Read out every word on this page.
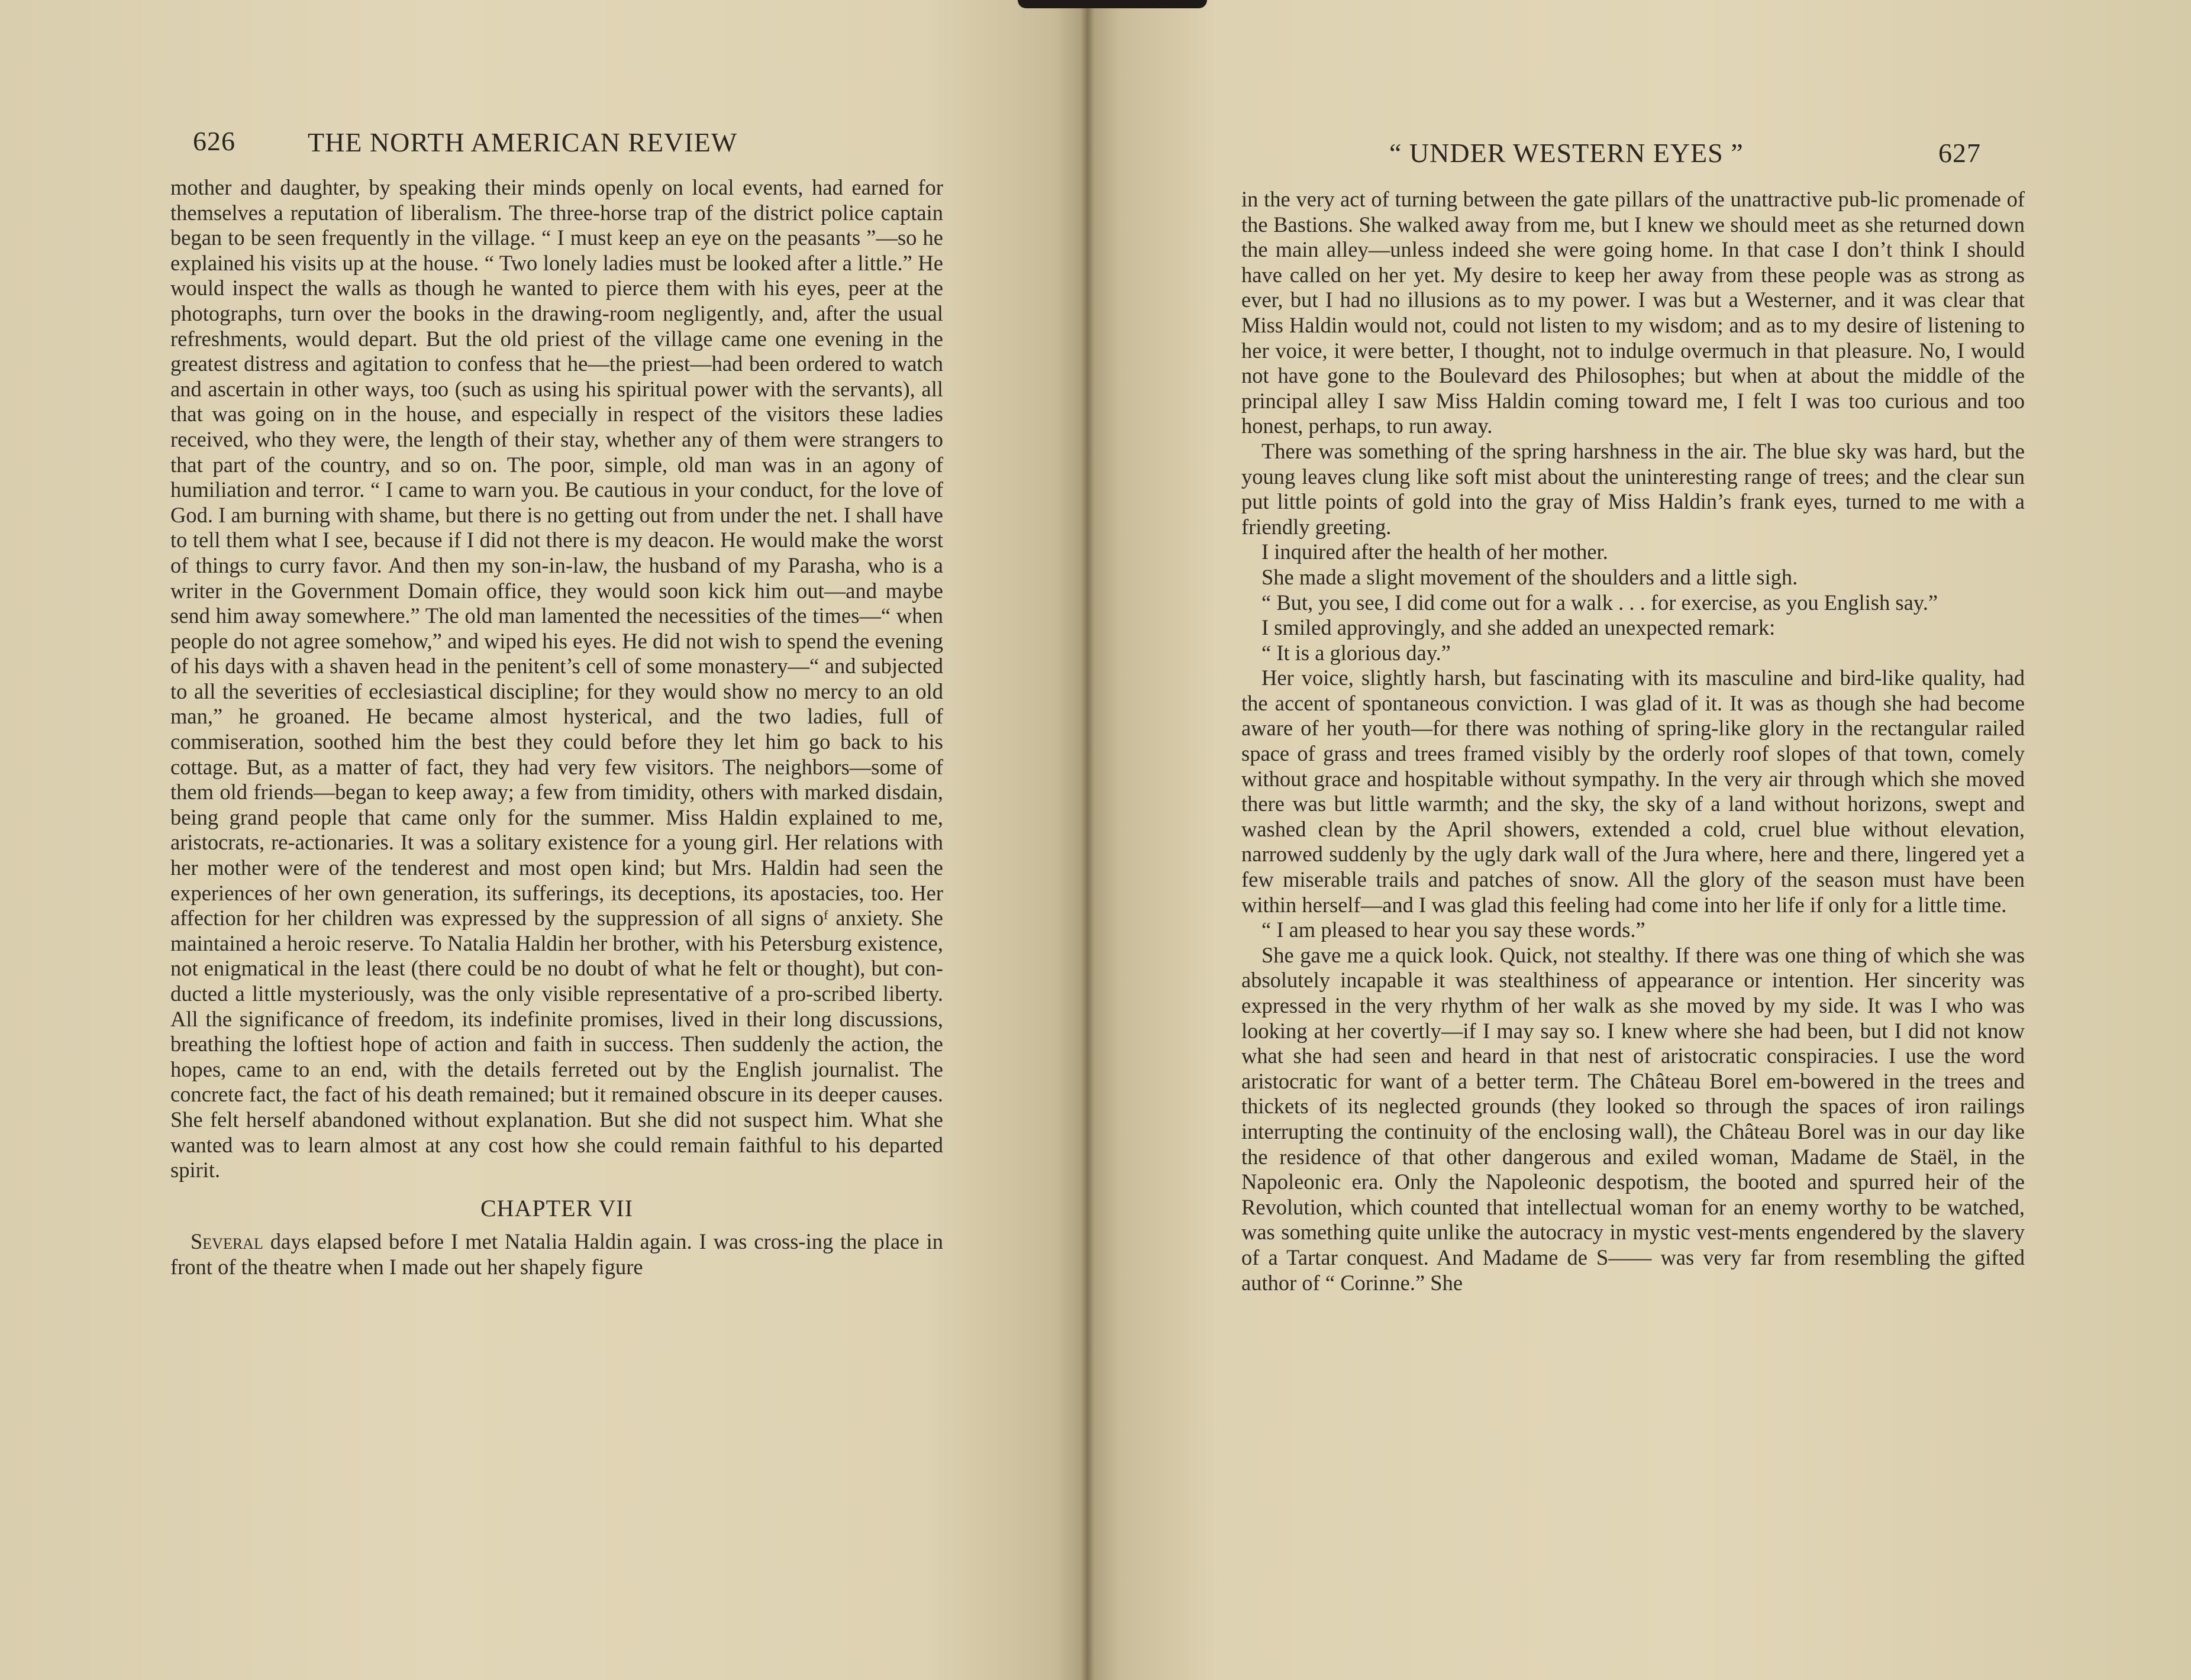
626	THE NORTH AMERICAN REVIEW

mother and daughter, by speaking their minds openly on local events, had earned for themselves a reputation of liberalism. The three-horse trap of the district police captain began to be seen frequently in the village. “ I must keep an eye on the peasants ”—so he explained his visits up at the house. “ Two lonely ladies must be looked after a little.” He would inspect the walls as though he wanted to pierce them with his eyes, peer at the photographs, turn over the books in the drawing-room negligently, and, after the usual refreshments, would depart. But the old priest of the village came one evening in the greatest distress and agitation to confess that he—the priest—had been ordered to watch and ascertain in other ways, too (such as using his spiritual power with the servants), all that was going on in the house, and especially in respect of the visitors these ladies received, who they were, the length of their stay, whether any of them were strangers to that part of the country, and so on. The poor, simple, old man was in an agony of humiliation and terror. “ I came to warn you. Be cautious in your conduct, for the love of God. I am burning with shame, but there is no getting out from under the net. I shall have to tell them what I see, because if I did not there is my deacon. He would make the worst of things to curry favor. And then my son-in-law, the husband of my Parasha, who is a writer in the Government Domain office, they would soon kick him out—and maybe send him away somewhere.” The old man lamented the necessities of the times—“ when people do not agree somehow,” and wiped his eyes. He did not wish to spend the evening of his days with a shaven head in the penitent’s cell of some monastery—“ and subjected to all the severities of ecclesiastical discipline; for they would show no mercy to an old man,” he groaned. He became almost hysterical, and the two ladies, full of commiseration, soothed him the best they could before they let him go back to his cottage. But, as a matter of fact, they had very few visitors. The neighbors—some of them old friends—began to keep away; a few from timidity, others with marked disdain, being grand people that came only for the summer. Miss Haldin explained to me, aristocrats, re-actionaries. It was a solitary existence for a young girl. Her relations with her mother were of the tenderest and most open kind; but Mrs. Haldin had seen the experiences of her own generation, its sufferings, its deceptions, its apostacies, too. Her affection for her children was expressed by the suppression of all signs oᶠ anxiety. She maintained a heroic reserve. To Natalia Haldin her brother, with his Petersburg existence, not enigmatical in the least (there could be no doubt of what he felt or thought), but con-ducted a little mysteriously, was the only visible representative of a pro-scribed liberty. All the significance of freedom, its indefinite promises, lived in their long discussions, breathing the loftiest hope of action and faith in success. Then suddenly the action, the hopes, came to an end, with the details ferreted out by the English journalist. The concrete fact, the fact of his death remained; but it remained obscure in its deeper causes. She felt herself abandoned without explanation. But she did not suspect him. What she wanted was to learn almost at any cost how she could remain faithful to his departed spirit.

CHAPTER VII

Several days elapsed before I met Natalia Haldin again. I was cross-ing the place in front of the theatre when I made out her shapely figure

“ UNDER WESTERN EYES ”	627

in the very act of turning between the gate pillars of the unattractive pub-lic promenade of the Bastions. She walked away from me, but I knew we should meet as she returned down the main alley—unless indeed she were going home. In that case I don’t think I should have called on her yet. My desire to keep her away from these people was as strong as ever, but I had no illusions as to my power. I was but a Westerner, and it was clear that Miss Haldin would not, could not listen to my wisdom; and as to my desire of listening to her voice, it were better, I thought, not to indulge overmuch in that pleasure. No, I would not have gone to the Boulevard des Philosophes; but when at about the middle of the principal alley I saw Miss Haldin coming toward me, I felt I was too curious and too honest, perhaps, to run away.

There was something of the spring harshness in the air. The blue sky was hard, but the young leaves clung like soft mist about the uninteresting range of trees; and the clear sun put little points of gold into the gray of Miss Haldin’s frank eyes, turned to me with a friendly greeting.

I inquired after the health of her mother.

She made a slight movement of the shoulders and a little sigh.

“ But, you see, I did come out for a walk . . . for exercise, as you English say.”

I smiled approvingly, and she added an unexpected remark:

“ It is a glorious day.”

Her voice, slightly harsh, but fascinating with its masculine and bird-like quality, had the accent of spontaneous conviction. I was glad of it. It was as though she had become aware of her youth—for there was nothing of spring-like glory in the rectangular railed space of grass and trees framed visibly by the orderly roof slopes of that town, comely without grace and hospitable without sympathy. In the very air through which she moved there was but little warmth; and the sky, the sky of a land without horizons, swept and washed clean by the April showers, extended a cold, cruel blue without elevation, narrowed suddenly by the ugly dark wall of the Jura where, here and there, lingered yet a few miserable trails and patches of snow. All the glory of the season must have been within herself—and I was glad this feeling had come into her life if only for a little time.

“ I am pleased to hear you say these words.”

She gave me a quick look. Quick, not stealthy. If there was one thing of which she was absolutely incapable it was stealthiness of appearance or intention. Her sincerity was expressed in the very rhythm of her walk as she moved by my side. It was I who was looking at her covertly—if I may say so. I knew where she had been, but I did not know what she had seen and heard in that nest of aristocratic conspiracies. I use the word aristocratic for want of a better term. The Château Borel em-bowered in the trees and thickets of its neglected grounds (they looked so through the spaces of iron railings interrupting the continuity of the enclosing wall), the Château Borel was in our day like the residence of that other dangerous and exiled woman, Madame de Staël, in the Napoleonic era. Only the Napoleonic despotism, the booted and spurred heir of the Revolution, which counted that intellectual woman for an enemy worthy to be watched, was something quite unlike the autocracy in mystic vest-ments engendered by the slavery of a Tartar conquest. And Madame de S—— was very far from resembling the gifted author of “ Corinne.” She
